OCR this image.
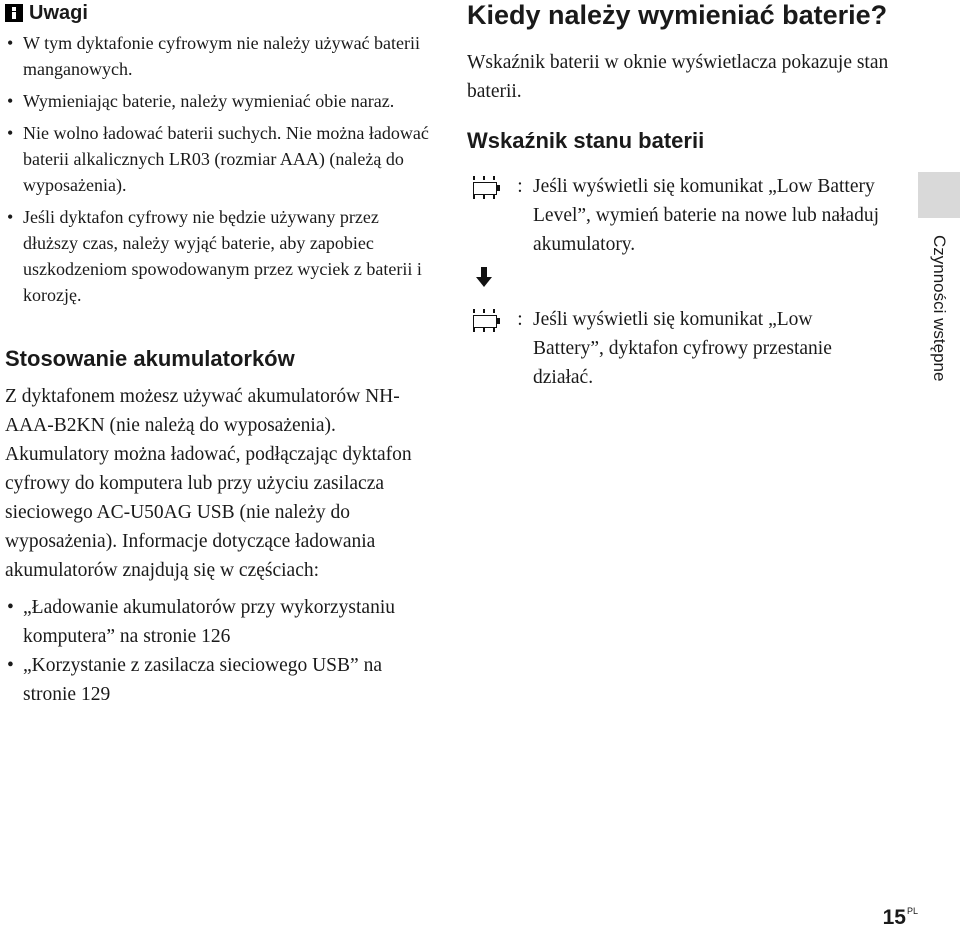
Uwagi
• W tym dyktafonie cyfrowym nie należy używać baterii manganowych.
• Wymieniając baterie, należy wymieniać obie naraz.
• Nie wolno ładować baterii suchych. Nie można ładować baterii alkalicznych LR03 (rozmiar AAA) (należą do wyposażenia).
• Jeśli dyktafon cyfrowy nie będzie używany przez dłuższy czas, należy wyjąć baterie, aby zapobiec uszkodzeniom spowodowanym przez wyciek z baterii i korozję.
Stosowanie akumulatorków

Z dyktafonem możesz używać akumulatorów NH-AAA-B2KN (nie należą do wyposażenia). Akumulatory można ładować, podłączając dyktafon cyfrowy do komputera lub przy użyciu zasilacza sieciowego AC-U50AG USB (nie należy do wyposażenia). Informacje dotyczące ładowania akumulatorów znajdują się w częściach:

• „Ładowanie akumulatorów przy wykorzystaniu komputera” na stronie 126
• „Korzystanie z zasilacza sieciowego USB” na stronie 129
Kiedy należy wymieniać baterie?

Wskaźnik baterii w oknie wyświetlacza pokazuje stan baterii.

Wskaźnik stanu baterii
: Jeśli wyświetli się komunikat „Low Battery Level”, wymień baterie na nowe lub naładuj akumulatory.
: Jeśli wyświetli się komunikat „Low Battery”, dyktafon cyfrowy przestanie działać.	Czynności wstępne
$15^{PL}$
